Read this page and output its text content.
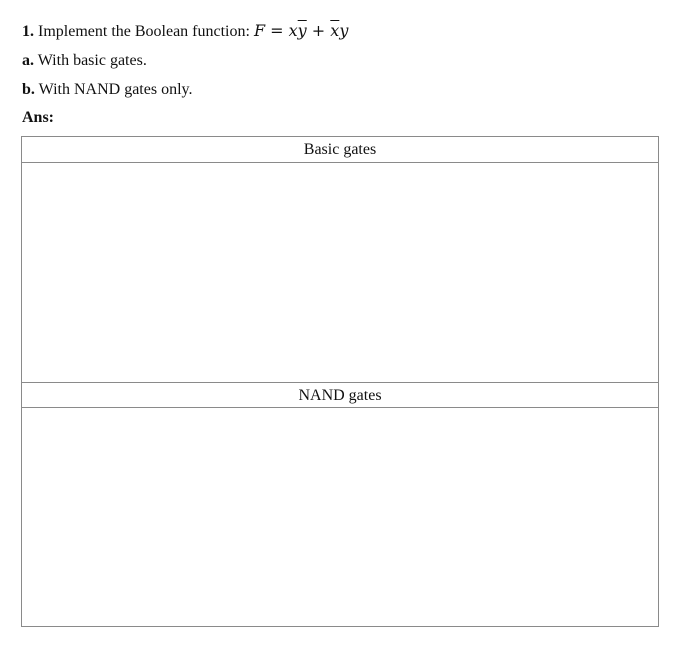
1. Implement the Boolean function: $F = x\overline{y} + \overline{x}y$
a. With basic gates.
b. With NAND gates only.
Ans:
Basic gates
NAND gates
